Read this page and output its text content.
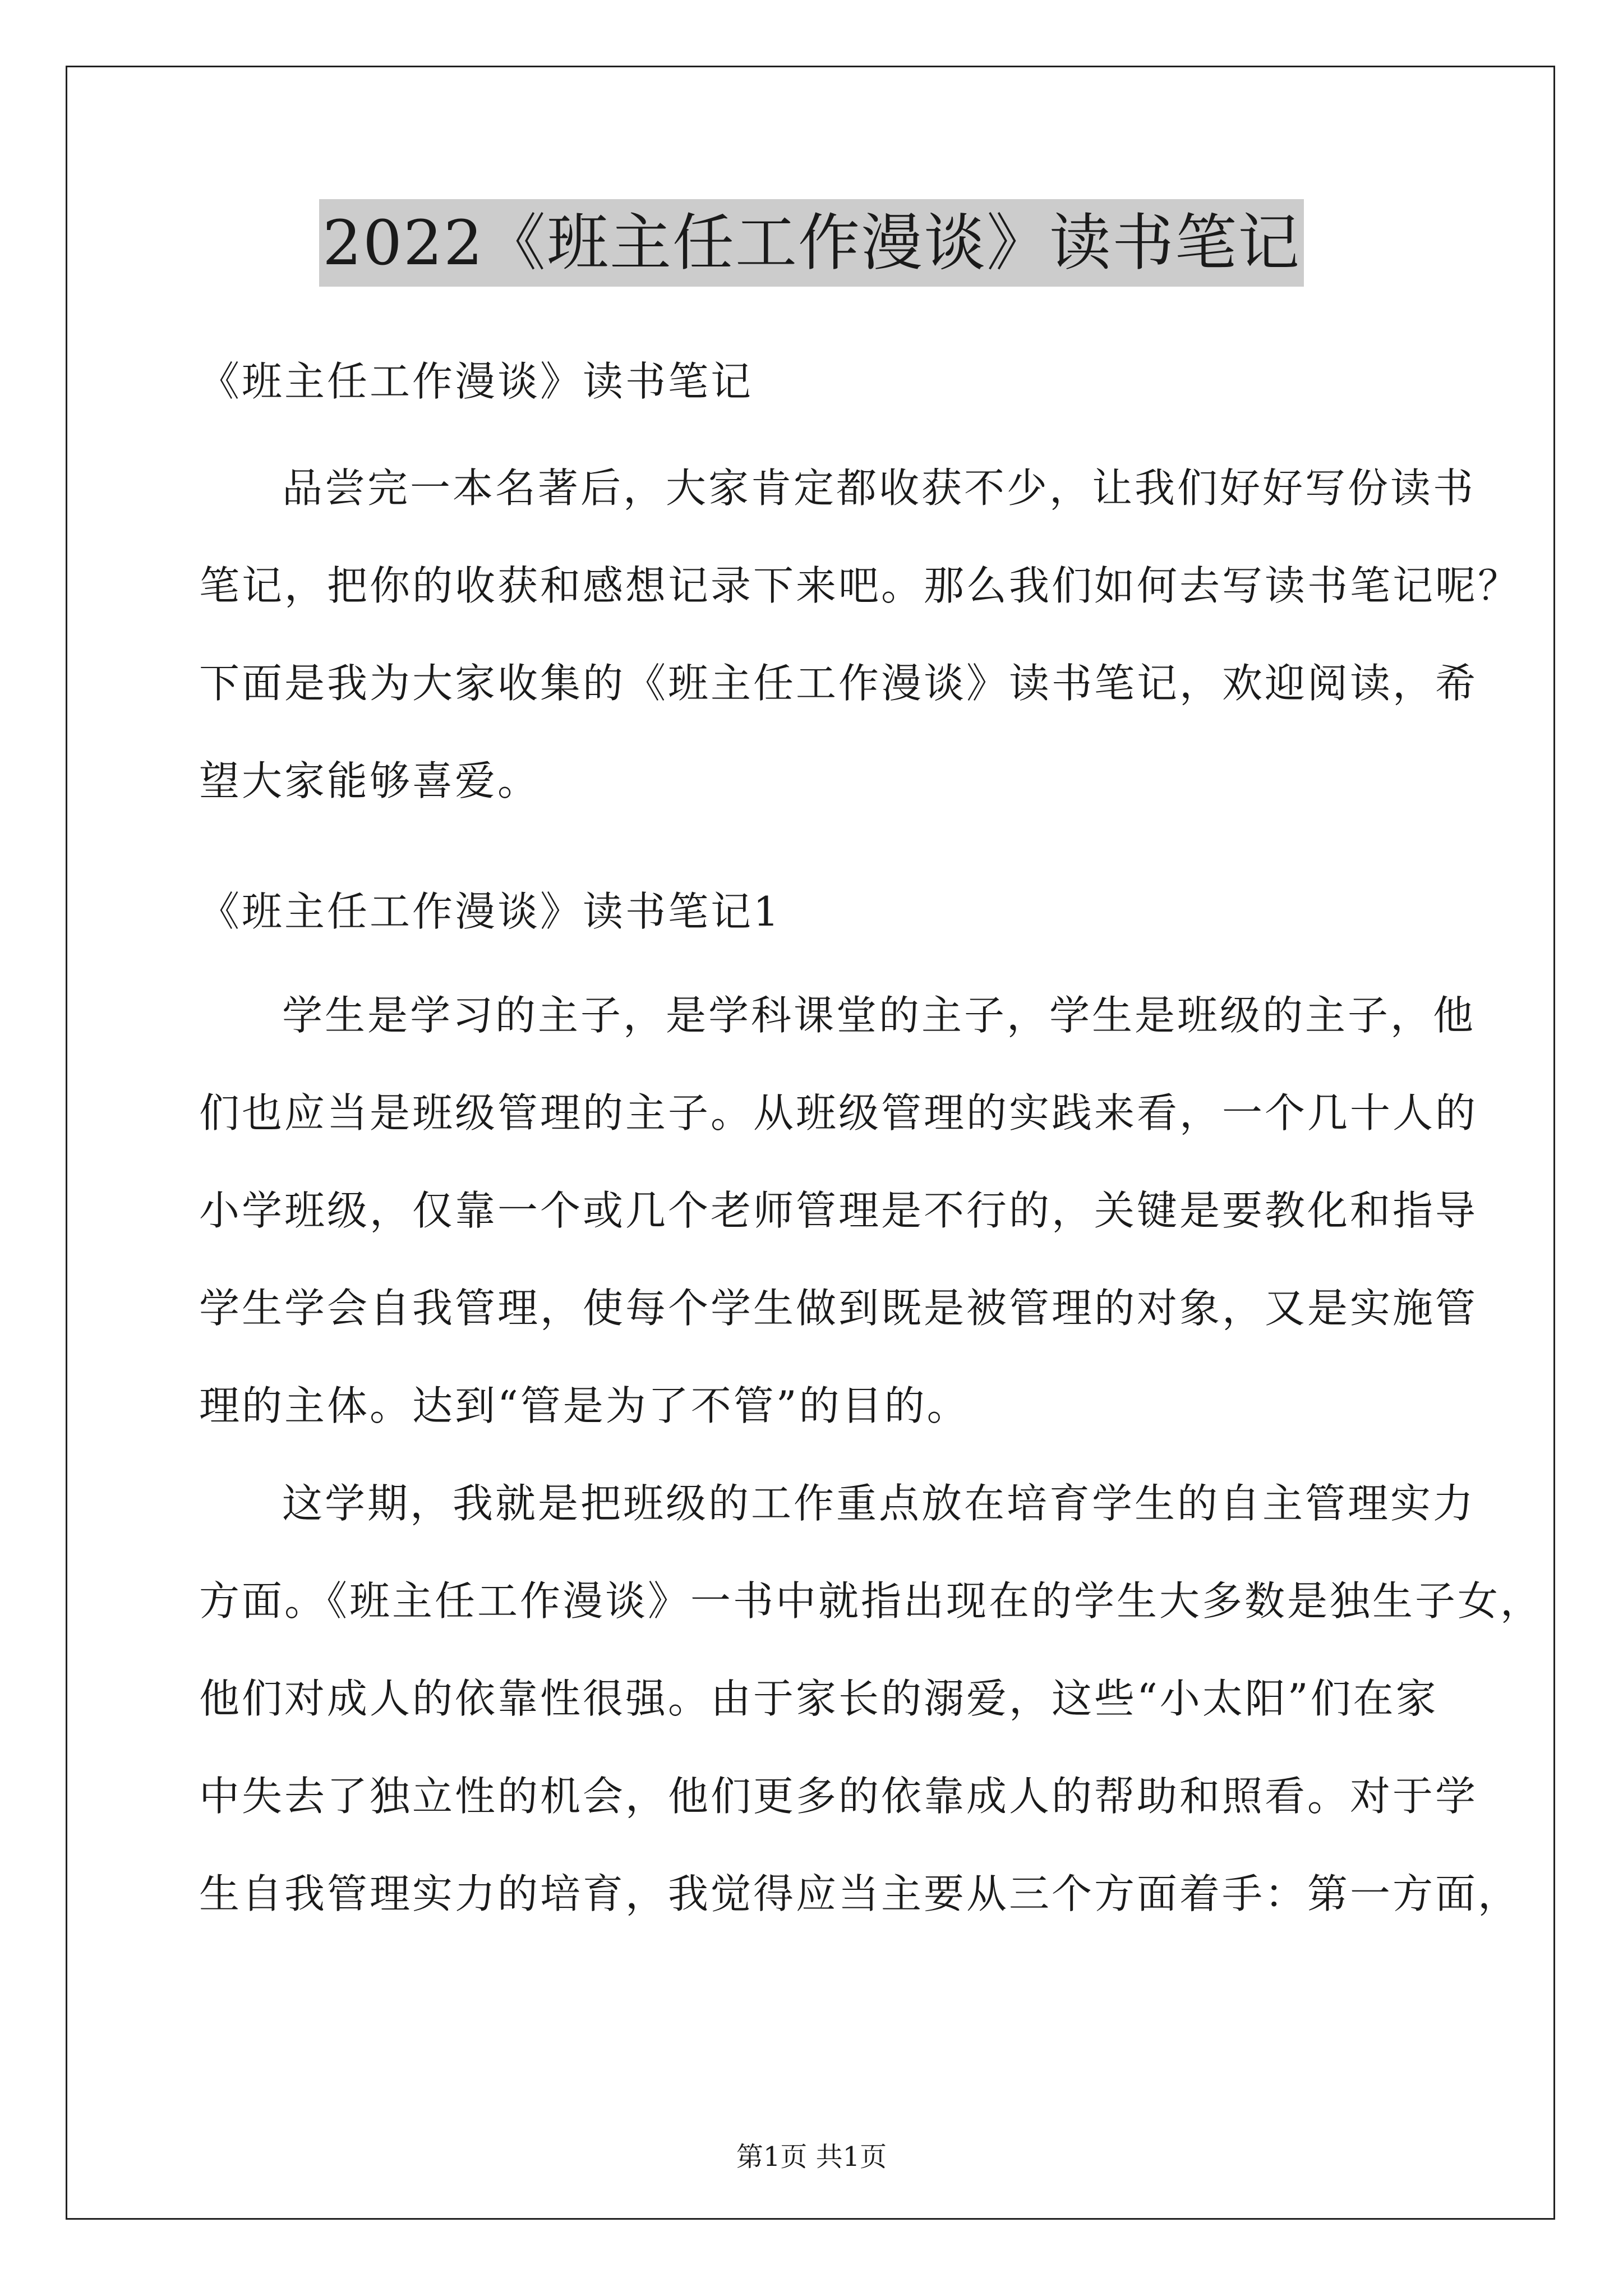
2022《班主任工作漫谈》读书笔记
《班主任工作漫谈》读书笔记
品尝完一本名著后，大家肯定都收获不少，让我们好好写份读书
笔记，把你的收获和感想记录下来吧。那么我们如何去写读书笔记呢？
下面是我为大家收集的《班主任工作漫谈》读书笔记，欢迎阅读，希
望大家能够喜爱。
《班主任工作漫谈》读书笔记1
学生是学习的主子，是学科课堂的主子，学生是班级的主子，他
们也应当是班级管理的主子。从班级管理的实践来看，一个几十人的
小学班级，仅靠一个或几个老师管理是不行的，关键是要教化和指导
学生学会自我管理，使每个学生做到既是被管理的对象，又是实施管
理的主体。达到“管是为了不管”的目的。
这学期，我就是把班级的工作重点放在培育学生的自主管理实力
方面。《班主任工作漫谈》一书中就指出现在的学生大多数是独生子女，
他们对成人的依靠性很强。由于家长的溺爱，这些“小太阳”们在家
中失去了独立性的机会，他们更多的依靠成人的帮助和照看。对于学
生自我管理实力的培育，我觉得应当主要从三个方面着手：第一方面，
第1页 共1页
